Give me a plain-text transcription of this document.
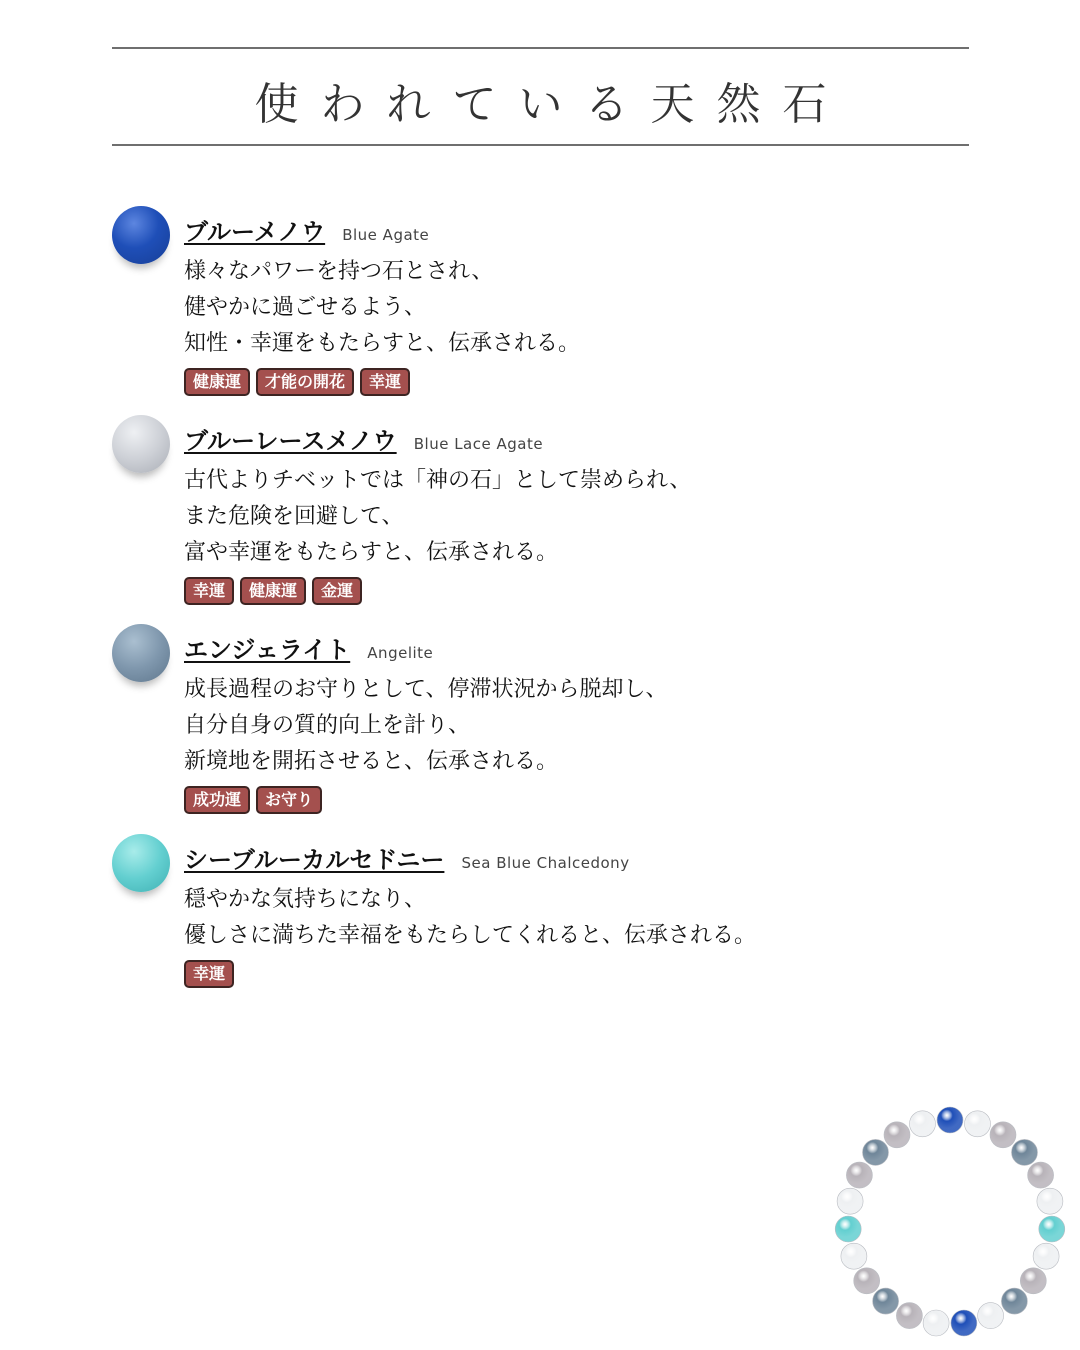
使われている天然石
ブルーメノウ Blue Agate
様々なパワーを持つ石とされ、
健やかに過ごせるよう、
知性・幸運をもたらすと、伝承される。
健康運	才能の開花	幸運
ブルーレースメノウ Blue Lace Agate
古代よりチベットでは「神の石」として崇められ、
また危険を回避して、
富や幸運をもたらすと、伝承される。
幸運	健康運	金運
エンジェライト Angelite
成長過程のお守りとして、停滞状況から脱却し、
自分自身の質的向上を計り、
新境地を開拓させると、伝承される。
成功運	お守り
シーブルーカルセドニー Sea Blue Chalcedony
穏やかな気持ちになり、
優しさに満ちた幸福をもたらしてくれると、伝承される。
幸運
